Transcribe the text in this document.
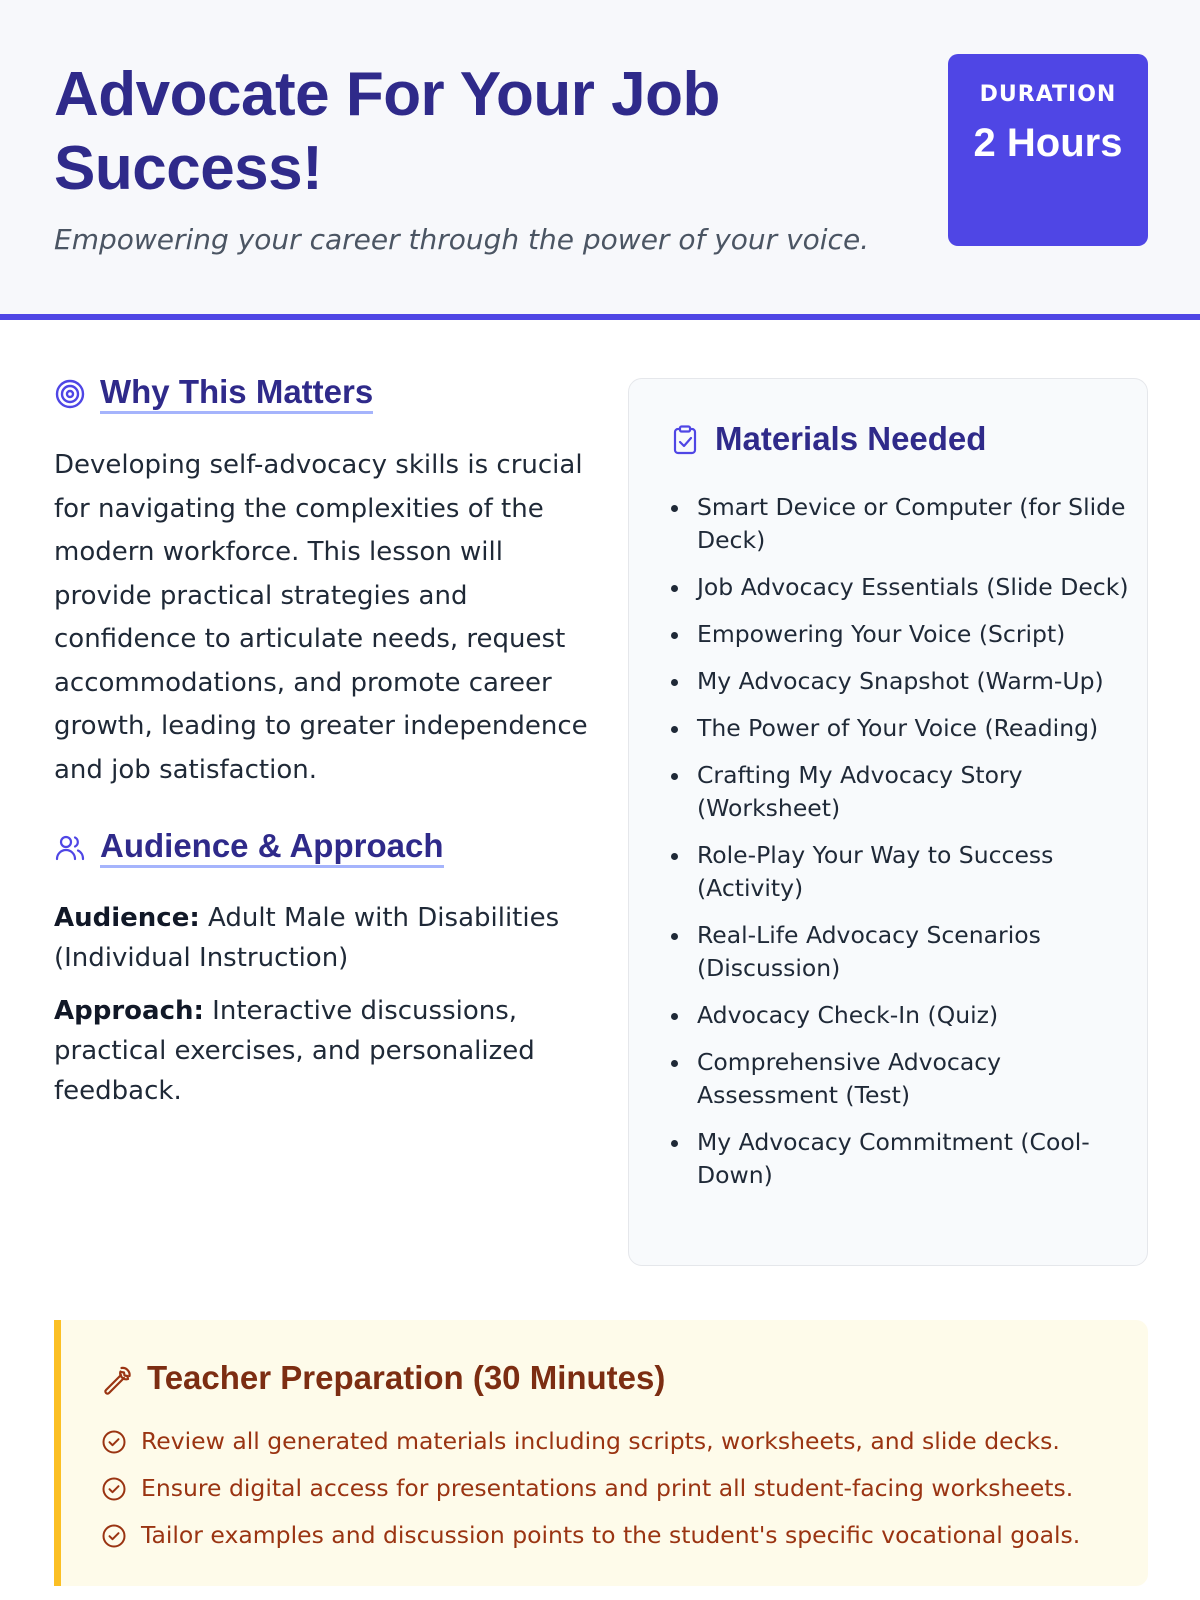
Advocate For Your Job Success!

Empowering your career through the power of your voice.

DURATION
2 Hours
Why This Matters

Developing self-advocacy skills is crucial for navigating the complexities of the modern workforce. This lesson will provide practical strategies and confidence to articulate needs, request accommodations, and promote career growth, leading to greater independence and job satisfaction.

Audience & Approach

Audience: Adult Male with Disabilities (Individual Instruction)

Approach: Interactive discussions, practical exercises, and personalized feedback.

Materials Needed
Smart Device or Computer (for Slide Deck)
Job Advocacy Essentials (Slide Deck)
Empowering Your Voice (Script)
My Advocacy Snapshot (Warm-Up)
The Power of Your Voice (Reading)
Crafting My Advocacy Story (Worksheet)
Role-Play Your Way to Success (Activity)
Real-Life Advocacy Scenarios (Discussion)
Advocacy Check-In (Quiz)
Comprehensive Advocacy Assessment (Test)
My Advocacy Commitment (Cool-Down)
Teacher Preparation (30 Minutes)
Review all generated materials including scripts, worksheets, and slide decks.
Ensure digital access for presentations and print all student-facing worksheets.
Tailor examples and discussion points to the student's specific vocational goals.
